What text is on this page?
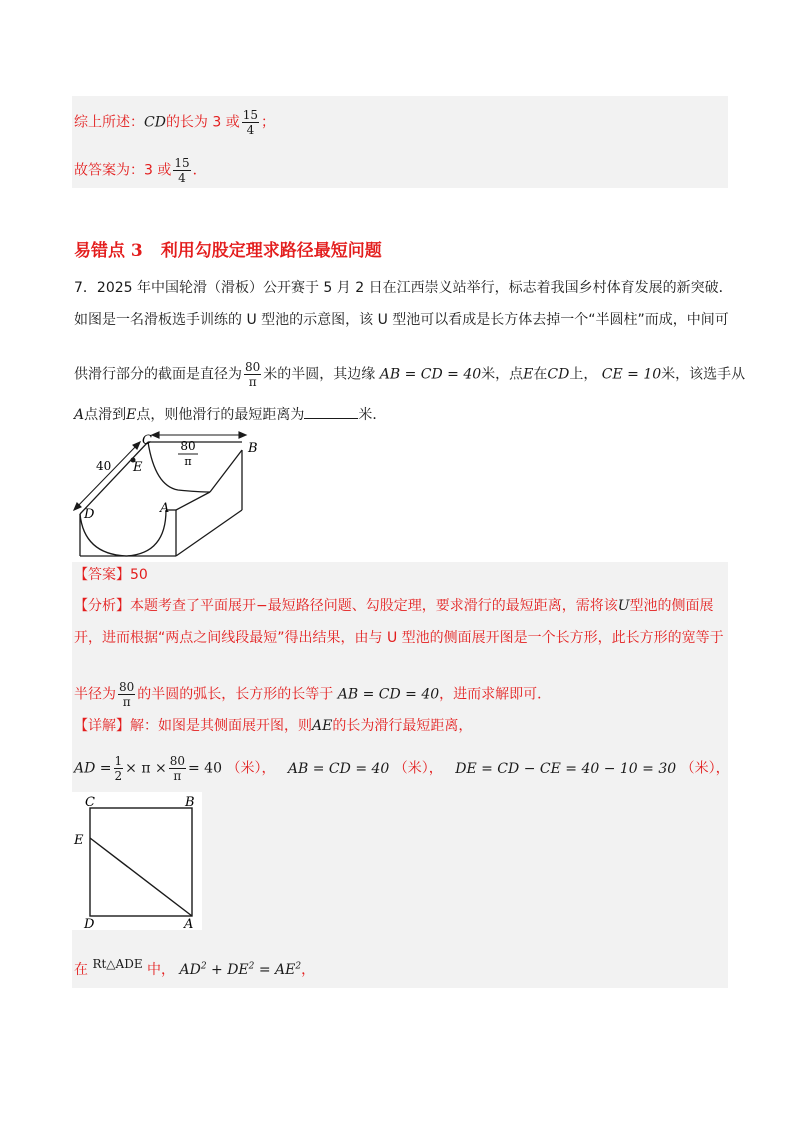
综上所述：CD的长为 3 或 $\frac{15}{4}$ ；
故答案为：3 或 $\frac{15}{4}$ ．
易错点 3 利用勾股定理求路径最短问题
7．2025 年中国轮滑（滑板）公开赛于 5 月 2 日在江西崇义站举行，标志着我国乡村体育发展的新突破．
如图是一名滑板选手训练的 U 型池的示意图，该 U 型池可以看成是长方体去掉一个“半圆柱”而成，中间可
供滑行部分的截面是直径为 $\frac{80}{\pi}$ 米的半圆，其边缘 AB = CD = 40米，点E在CD上， CE = 10米，该选手从
A点滑到E点，则他滑行的最短距离为	米．
C
B
E
D	A
40
80
π
【答案】50
【分析】本题考查了平面展开−最短路径问题、勾股定理，要求滑行的最短距离，需将该U型池的侧面展
开，进而根据“两点之间线段最短”得出结果，由与 U 型池的侧面展开图是一个长方形，此长方形的宽等于
半径为 $\frac{80}{\pi}$ 的半圆的弧长，长方形的长等于 AB = CD = 40，进而求解即可．
【详解】解：如图是其侧面展开图，则AE的长为滑行最短距离，
AD = $\frac{1}{2} \times \pi \times \frac{80}{\pi} = 40$ （米）， AB = CD = 40 （米）， DE = CD − CE = 40 − 10 = 30 （米），
C	B
E
D	A
在 Rt△ADE 中， $AD^2 + DE^2 = AE^2$，
